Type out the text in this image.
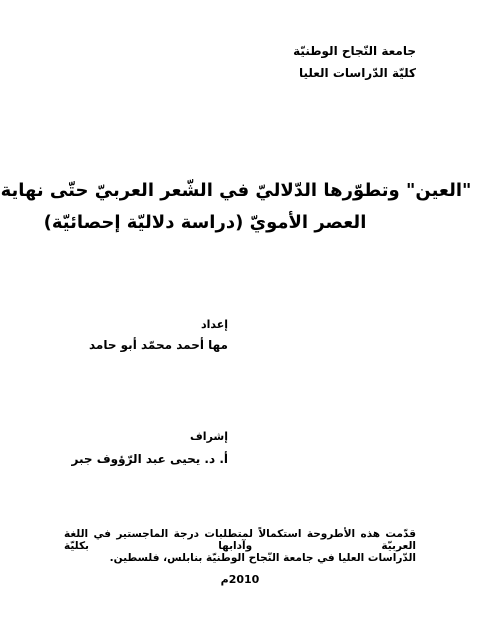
جامعة النّجاح الوطنيّة
كليّة الدّراسات العليا
"العين" وتطوّرها الدّلاليّ في الشّعر العربيّ حتّى نهاية
العصر الأمويّ (دراسة دلاليّة إحصائيّة)
إعداد
مها أحمد محمّد أبو حامد
إشراف
أ. د. يحيى عبد الرّؤوف جبر
قدّمت هذه الأطروحة استكمالاً لمتطلبات درجة الماجستير في اللغة العربيّة وآدابها بكليّة
الدّراسات العليا في جامعة النّجاح الوطنيّة بنابلس، فلسطين.
2010م
